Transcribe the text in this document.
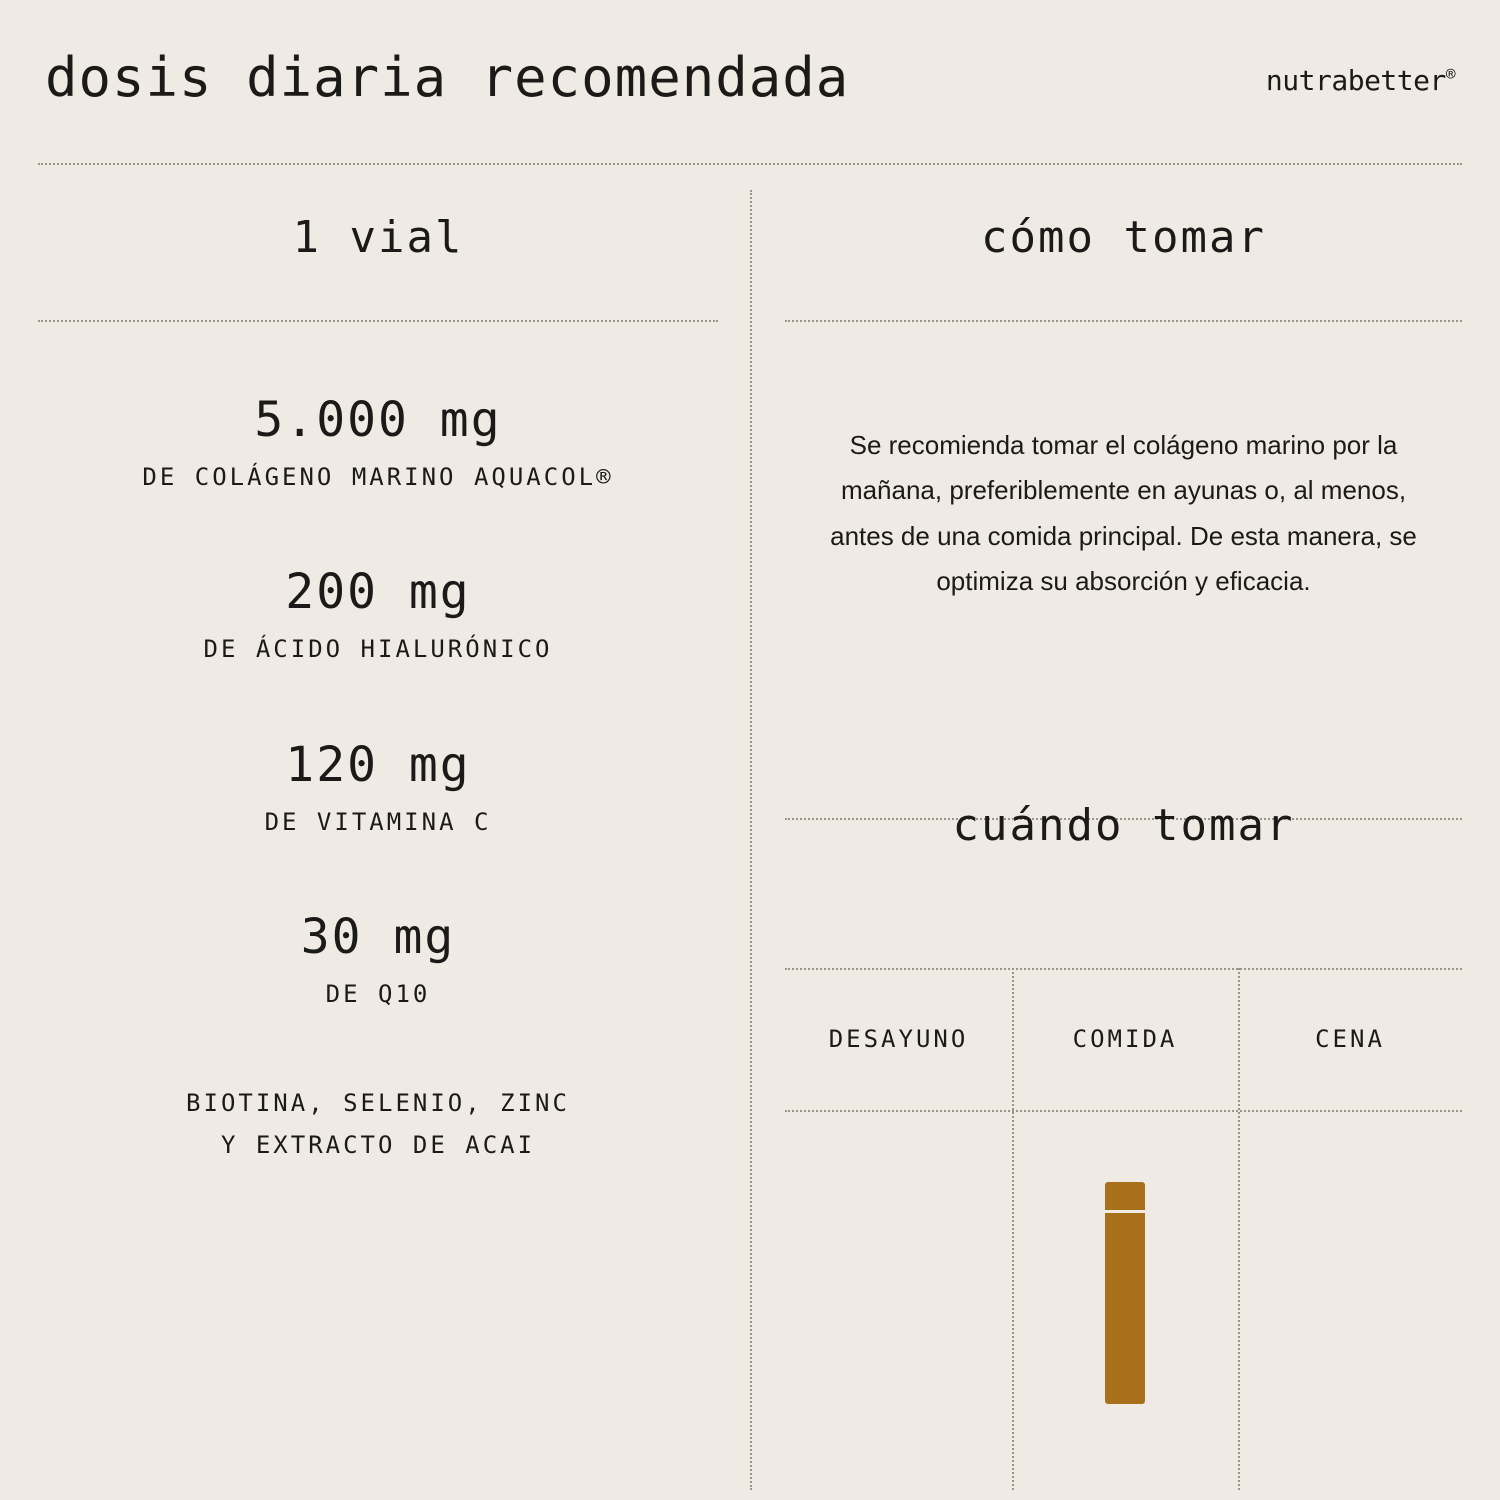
dosis diaria recomendada	nutrabetter®
1 vial
5.000 mg
DE COLÁGENO MARINO AQUACOL®
200 mg
DE ÁCIDO HIALURÓNICO
120 mg
DE VITAMINA C
30 mg
DE Q10
BIOTINA, SELENIO, ZINC
Y EXTRACTO DE ACAI
cómo tomar
Se recomienda tomar el colágeno marino por la mañana, preferiblemente en ayunas o, al menos, antes de una comida principal. De esta manera, se optimiza su absorción y eficacia.
cuándo tomar
DESAYUNO	COMIDA	CENA
